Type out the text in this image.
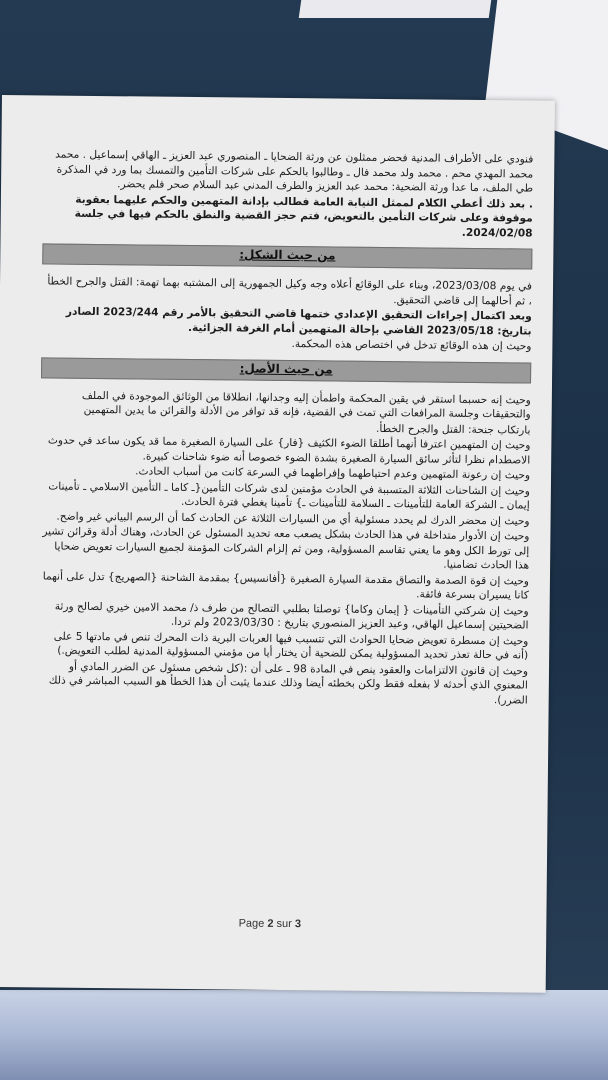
فنودي على الأطراف المدنية فحضر ممثلون عن ورثة الضحايا ـ المنصوري عبد العزيز ـ الهاقي إسماعيل . محمد محمد المهدي محم . محمد ولد محمد فال ـ وطالبوا بالحكم على شركات التأمين والتمسك بما ورد في المذكرة طي الملف، ما عدا ورثة الضحية: محمد عبد العزيز والطرف المدني عبد السلام صحر فلم يحضر.

. بعد ذلك أعطي الكلام لممثل النيابة العامة فطالب بإدانة المتهمين والحكم عليهما بعقوبة موقوفة وعلى شركات التأمين بالتعويض، فتم حجز القضية والنطق بالحكم فيها في جلسة 2024/02/08.

من حيث الشكل:

في يوم 2023/03/08، وبناء على الوقائع أعلاه وجه وكيل الجمهورية إلى المشتبه بهما تهمة: القتل والجرح الخطأ ، ثم أحالهما إلى قاضي التحقيق.

وبعد اكتمال إجراءات التحقيق الإعدادي ختمها قاضي التحقيق بالأمر رقم 2023/244 الصادر بتاريخ: 2023/05/18 القاضي بإحالة المتهمين أمام الغرفة الجزائية.

وحيث إن هذه الوقائع تدخل في اختصاص هذه المحكمة.

من حيث الأصل:

وحيث إنه حسبما استقر في يقين المحكمة واطمأن إليه وجدانها، انطلاقا من الوثائق الموجودة في الملف والتحقيقات وجلسة المرافعات التي تمت في القضية، فإنه قد توافر من الأدلة والقرائن ما يدين المتهمين

بارتكاب جنحة: القتل والجرح الخطأ.

وحيث إن المتهمين اعترفا أنهما أطلقا الضوء الكثيف {فار} على السيارة الصغيرة مما قد يكون ساعد في حدوث الاصطدام نظرا لتأثر سائق السيارة الصغيرة بشدة الضوء خصوصا أنه ضوء شاحنات كبيرة.

وحيث إن رعونة المتهمين وعدم احتياطهما وإفراطهما في السرعة كانت من أسباب الحادث.

وحيث إن الشاحنات الثلاثة المتسببة في الحادث مؤمنين لدى شركات التأمين{ـ كاما ـ التأمين الاسلامي ـ تأمينات إيمان ـ الشركة العامة للتأمينات ـ السلامة للتأمينات ـ} تأمينا يغطي فترة الحادث.

وحيث إن محضر الدرك لم يحدد مسئولية أي من السيارات الثلاثة عن الحادث كما أن الرسم البياني غير واضح.

وحيث إن الأدوار متداخلة في هذا الحادث بشكل يصعب معه تحديد المسئول عن الحادث، وهناك أدلة وقرائن تشير إلى تورط الكل وهو ما يعني تقاسم المسؤولية، ومن ثم إلزام الشركات المؤمنة لجميع السيارات تعويض ضحايا هذا الحادث تضامنيا.

وحيث إن قوة الصدمة والتصاق مقدمة السيارة الصغيرة {أفانسيس} بمقدمة الشاحنة {الصهريج} تدل على أنهما كانا يسيران بسرعة فائقة.

وحيث إن شركتي التأمينات { إيمان وكاما} توصلتا بطلبي التصالح من طرف ذ/ محمد الامين خيري لصالح ورثة الضحيتين إسماعيل الهاقي، وعبد العزيز المنصوري بتاريخ : 2023/03/30 ولم تردا.

وحيث إن مسطرة تعويض ضحايا الحوادث التي تتسبب فيها العربات البرية ذات المحرك تنص في مادتها 5 على (أنه في حالة تعذر تحديد المسؤولية يمكن للضحية أن يختار أيا من مؤمني المسؤولية المدنية لطلب التعويض.)

وحيث إن قانون الالتزامات والعقود ينص في المادة 98 ـ على أن :(كل شخص مسئول عن الضرر المادي أو المعنوي الذي أحدثه لا بفعله فقط ولكن بخطئه أيضا وذلك عندما يثبت أن هذا الخطأ هو السبب المباشر في ذلك الضرر).

Page 2 sur 3
